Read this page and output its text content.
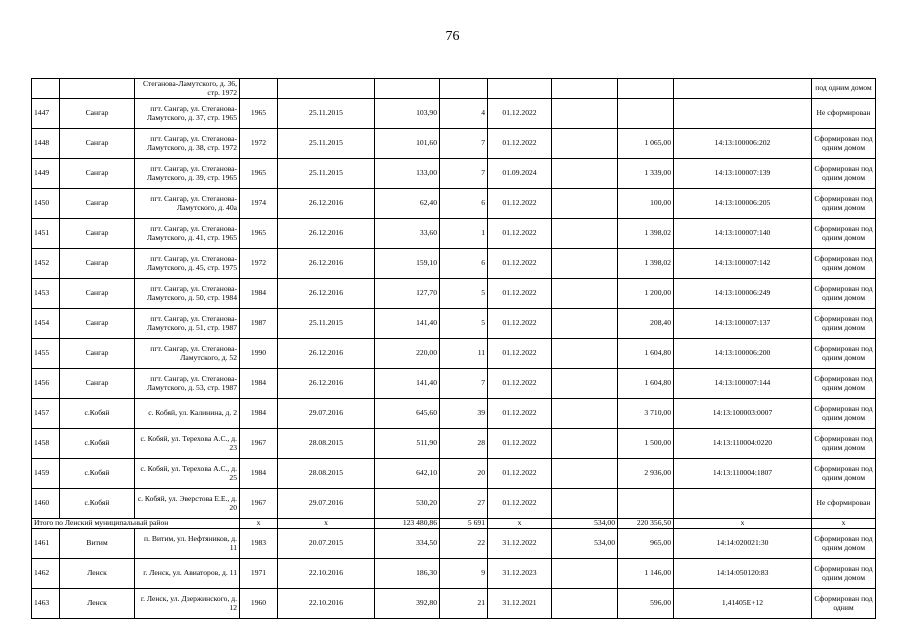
76
		Стеганова-Ламутского, д. 36, стр. 1972									под одним домом
1447	Сангар	пгт. Сангар, ул. Стеганова-Ламутского, д. 37, стр. 1965	1965	25.11.2015	103,90	4	01.12.2022				Не сформирован
1448	Сангар	пгт. Сангар, ул. Стеганова-Ламутского, д. 38, стр. 1972	1972	25.11.2015	101,60	7	01.12.2022		1 065,00	14:13:100006:202	Сформирован под одним домом
1449	Сангар	пгт. Сангар, ул. Стеганова-Ламутского, д. 39, стр. 1965	1965	25.11.2015	133,00	7	01.09.2024		1 339,00	14:13:100007:139	Сформирован под одним домом
1450	Сангар	пгт. Сангар, ул. Стеганова-Ламутского, д. 40а	1974	26.12.2016	62,40	6	01.12.2022		100,00	14:13:100006:205	Сформирован под одним домом
1451	Сангар	пгт. Сангар, ул. Стеганова-Ламутского, д. 41, стр. 1965	1965	26.12.2016	33,60	1	01.12.2022		1 398,02	14:13:100007:140	Сформирован под одним домом
1452	Сангар	пгт. Сангар, ул. Стеганова-Ламутского, д. 45, стр. 1975	1972	26.12.2016	159,10	6	01.12.2022		1 398,02	14:13:100007:142	Сформирован под одним домом
1453	Сангар	пгт. Сангар, ул. Стеганова-Ламутского, д. 50, стр. 1984	1984	26.12.2016	127,70	5	01.12.2022		1 200,00	14:13:100006:249	Сформирован под одним домом
1454	Сангар	пгт. Сангар, ул. Стеганова-Ламутского, д. 51, стр. 1987	1987	25.11.2015	141,40	5	01.12.2022		208,40	14:13:100007:137	Сформирован под одним домом
1455	Сангар	пгт. Сангар, ул. Стеганова-Ламутского, д. 52	1990	26.12.2016	220,00	11	01.12.2022		1 604,80	14:13:100006:200	Сформирован под одним домом
1456	Сангар	пгт. Сангар, ул. Стеганова-Ламутского, д. 53, стр. 1987	1984	26.12.2016	141,40	7	01.12.2022		1 604,80	14:13:100007:144	Сформирован под одним домом
1457	с.Кобяй	с. Кобяй, ул. Калинина, д. 2	1984	29.07.2016	645,60	39	01.12.2022		3 710,00	14:13:100003:0007	Сформирован под одним домом
1458	с.Кобяй	с. Кобяй, ул. Терехова А.С., д. 23	1967	28.08.2015	511,90	28	01.12.2022		1 500,00	14:13:110004:0220	Сформирован под одним домом
1459	с.Кобяй	с. Кобяй, ул. Терехова А.С., д. 25	1984	28.08.2015	642,10	20	01.12.2022		2 936,00	14:13:110004:1807	Сформирован под одним домом
1460	с.Кобяй	с. Кобяй, ул. Эверстова Е.Е., д. 20	1967	29.07.2016	530,20	27	01.12.2022				Не сформирован
Итого по Ленский муниципальный район			x	x	123 480,86	5 691	x	534,00	220 356,50	x	x
1461	Витим	п. Витим, ул. Нефтяников, д. 11	1983	20.07.2015	334,50	22	31.12.2022	534,00	965,00	14:14:020021:30	Сформирован под одним домом
1462	Ленск	г. Ленск, ул. Авиаторов, д. 11	1971	22.10.2016	186,30	9	31.12.2023		1 146,00	14:14:050120:83	Сформирован под одним домом
1463	Ленск	г. Ленск, ул. Дзержинского, д. 12	1960	22.10.2016	392,80	21	31.12.2021		596,00	1,41405E+12	Сформирован под одним
